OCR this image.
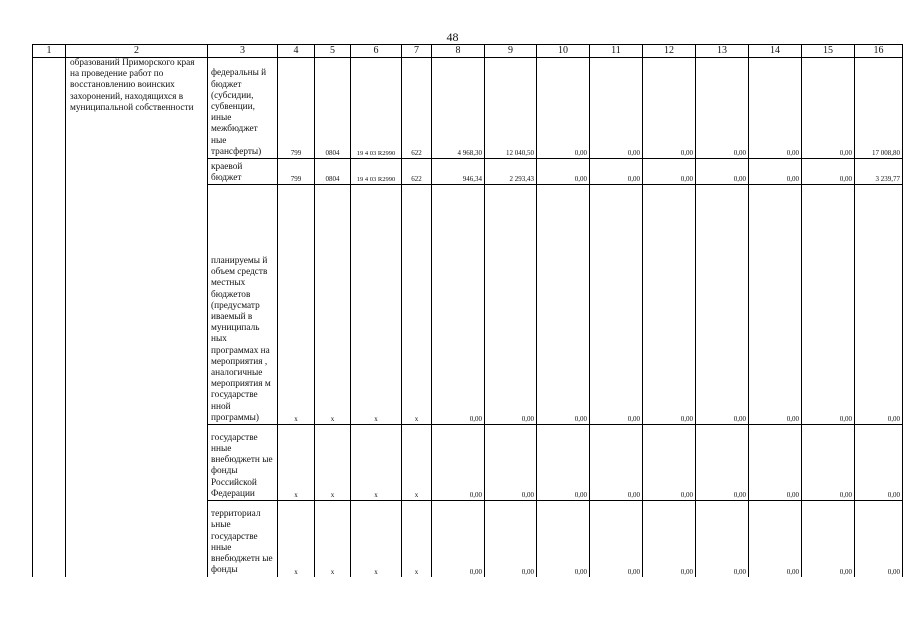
48
1	2	3	4	5	6	7	8	9	10	11	12	13	14	15	16
	образований Приморского края на проведение работ по восстановлению воинских захоронений, находящихся в муниципальной собственности	федеральны й бюджет (субсидии, субвенции, иные межбюджет ные трансферты)	799	0804	19 4 03 R2990	622	4 968,30	12 040,50	0,00	0,00	0,00	0,00	0,00	0,00	17 008,80
		краевой бюджет	799	0804	19 4 03 R2990	622	946,34	2 293,43	0,00	0,00	0,00	0,00	0,00	0,00	3 239,77
		планируемы й объем средств местных бюджетов (предусматр иваемый в муниципаль ных программах на мероприятия , аналогичные мероприятия м государстве нной программы)	x	x	x	x	0,00	0,00	0,00	0,00	0,00	0,00	0,00	0,00	0,00
		государстве нные внебюджетн ые фонды Российской Федерации	x	x	x	x	0,00	0,00	0,00	0,00	0,00	0,00	0,00	0,00	0,00
		территориал ьные государстве нные внебюджетн ые фонды	x	x	x	x	0,00	0,00	0,00	0,00	0,00	0,00	0,00	0,00	0,00
